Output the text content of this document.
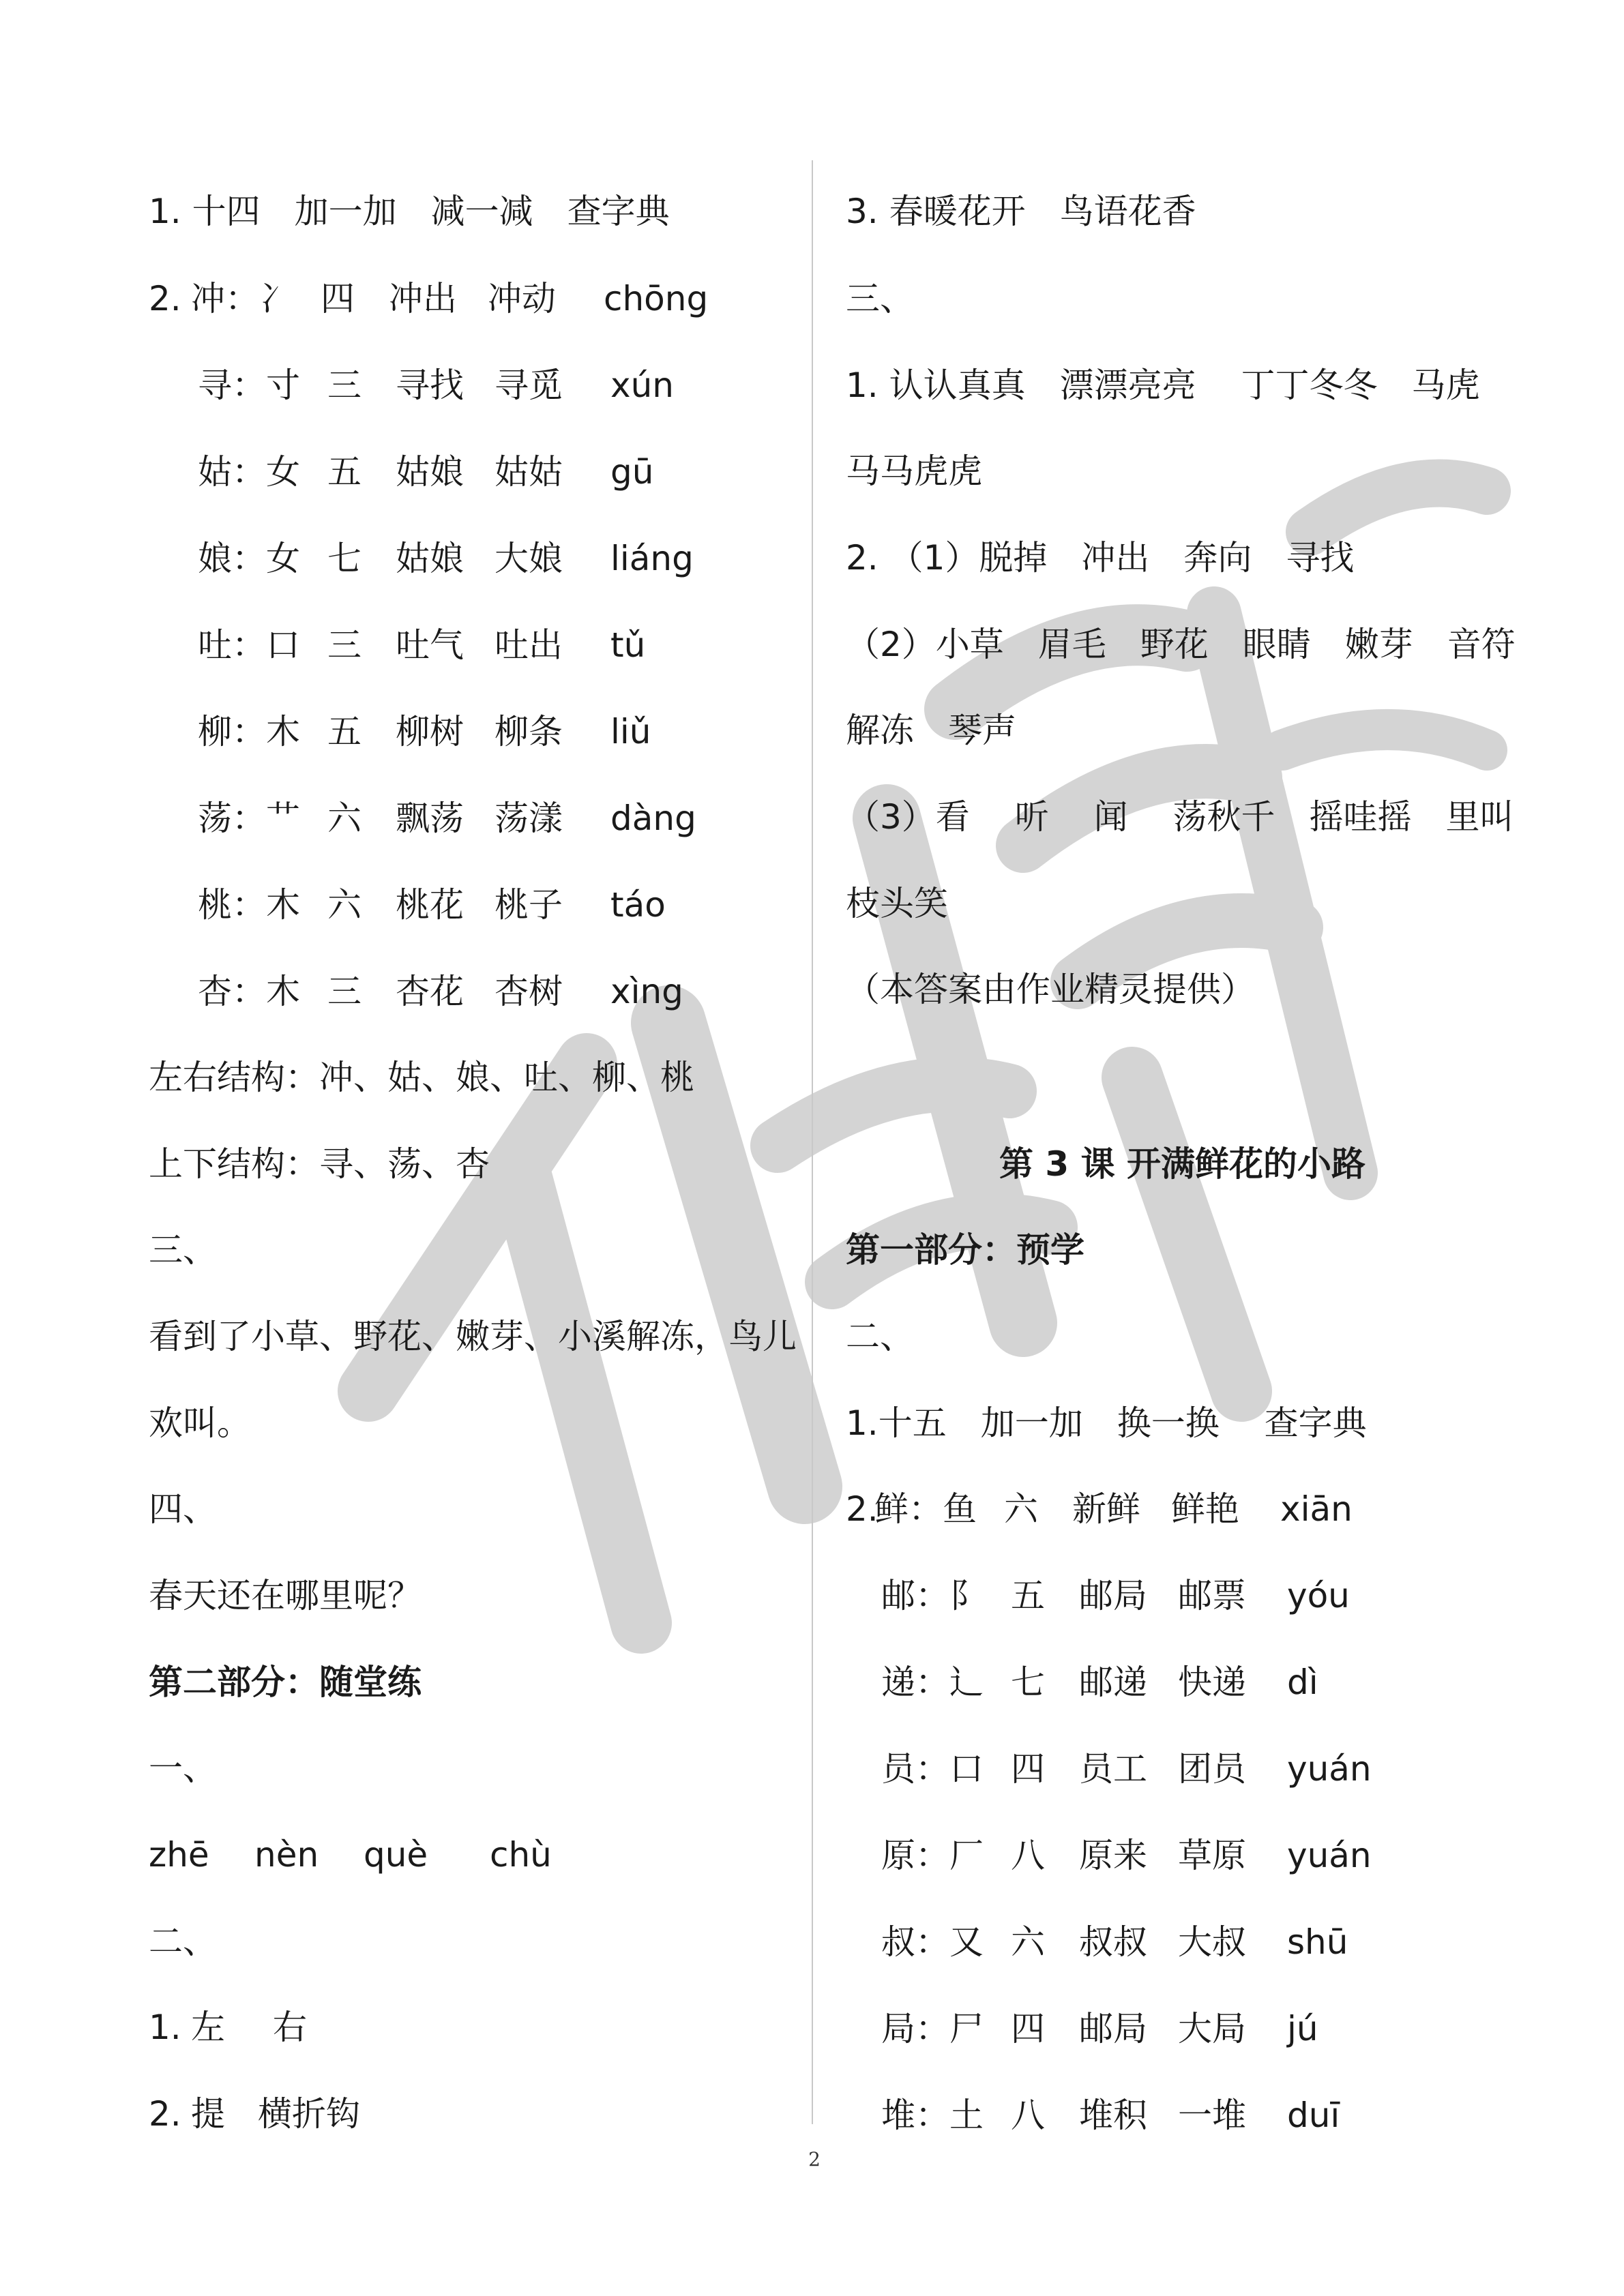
1. 十四　加一加　减一减　查字典
2. 冲：冫 四 冲出 冲动 chōng
寻：寸 三 寻找 寻觅 xún
姑：女 五 姑娘 姑姑 gū
娘：女 七 姑娘 大娘 liáng
吐：口 三 吐气 吐出 tǔ
柳：木 五 柳树 柳条 liǔ
荡：艹 六 飘荡 荡漾 dàng
桃：木 六 桃花 桃子 táo
杏：木 三 杏花 杏树 xìng
左右结构：冲、姑、娘、吐、柳、桃
上下结构：寻、荡、杏
三、
看到了小草、野花、嫩芽、小溪解冻，鸟儿
欢叫。
四、
春天还在哪里呢？
第二部分：随堂练
一、
zhē nèn què chù
二、
1. 左 右
2. 提 横折钩
3. 春暖花开　鸟语花香
三、
1. 认认真真　漂漂亮亮　 丁丁冬冬　马虎
马马虎虎
2. （1）脱掉　冲出　奔向　寻找
（2）小草　眉毛　野花　眼睛　嫩芽　音符
解冻　琴声
（3）看　 听　 闻　 荡秋千　摇哇摇　里叫
枝头笑
（本答案由作业精灵提供）
第 3 课 开满鲜花的小路
第一部分：预学
二、
1.十五　加一加　换一换　 查字典
2.
鲜：鱼 六 新鲜 鲜艳 xiān
邮：阝 五 邮局 邮票 yóu
递：辶 七 邮递 快递 dì
员：口 四 员工 团员 yuán
原：厂 八 原来 草原 yuán
叔：又 六 叔叔 大叔 shū
局：尸 四 邮局 大局 jú
堆：土 八 堆积 一堆 duī
2
